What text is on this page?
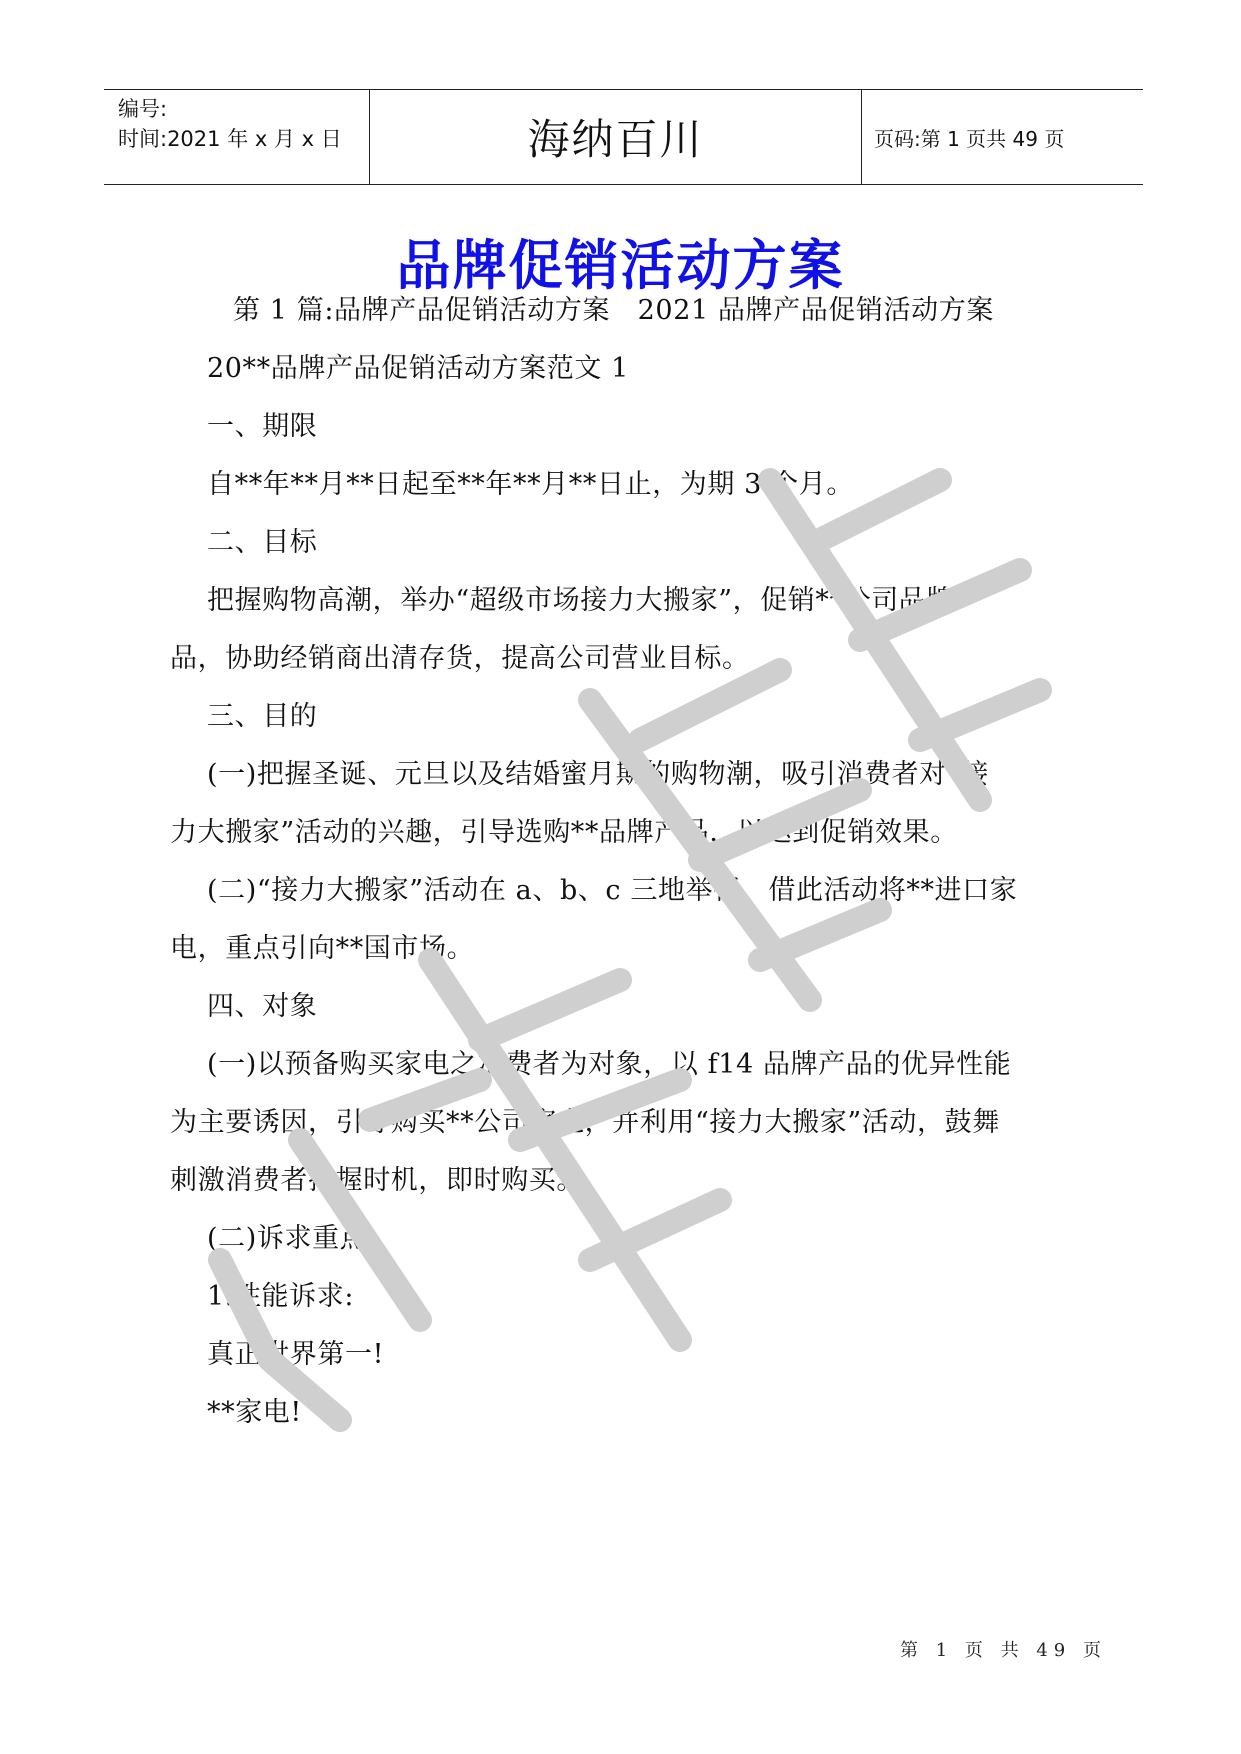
编号:
时间:2021 年 x 月 x 日	海纳百川	页码:第 1 页共 49 页
品牌促销活动方案
第 1 篇:品牌产品促销活动方案　2021 品牌产品促销活动方案
20**品牌产品促销活动方案范文 1
一、期限
自**年**月**日起至**年**月**日止，为期 3 个月。
二、目标
把握购物高潮，举办“超级市场接力大搬家”，促销**公司品牌产
品，协助经销商出清存货，提高公司营业目标。
三、目的
(一)把握圣诞、元旦以及结婚蜜月期的购物潮，吸引消费者对“接
力大搬家”活动的兴趣，引导选购**品牌产品，以达到促销效果。
(二)“接力大搬家”活动在 a、b、c 三地举行，借此活动将**进口家
电，重点引向**国市场。
四、对象
(一)以预备购买家电之消费者为对象，以 f14 品牌产品的优异性能
为主要诱因，引导购买**公司家电，并利用“接力大搬家”活动，鼓舞
刺激消费者把握时机，即时购买。
(二)诉求重点:
1.性能诉求:
真正世界第一!
**家电!
第 1 页 共 49 页
